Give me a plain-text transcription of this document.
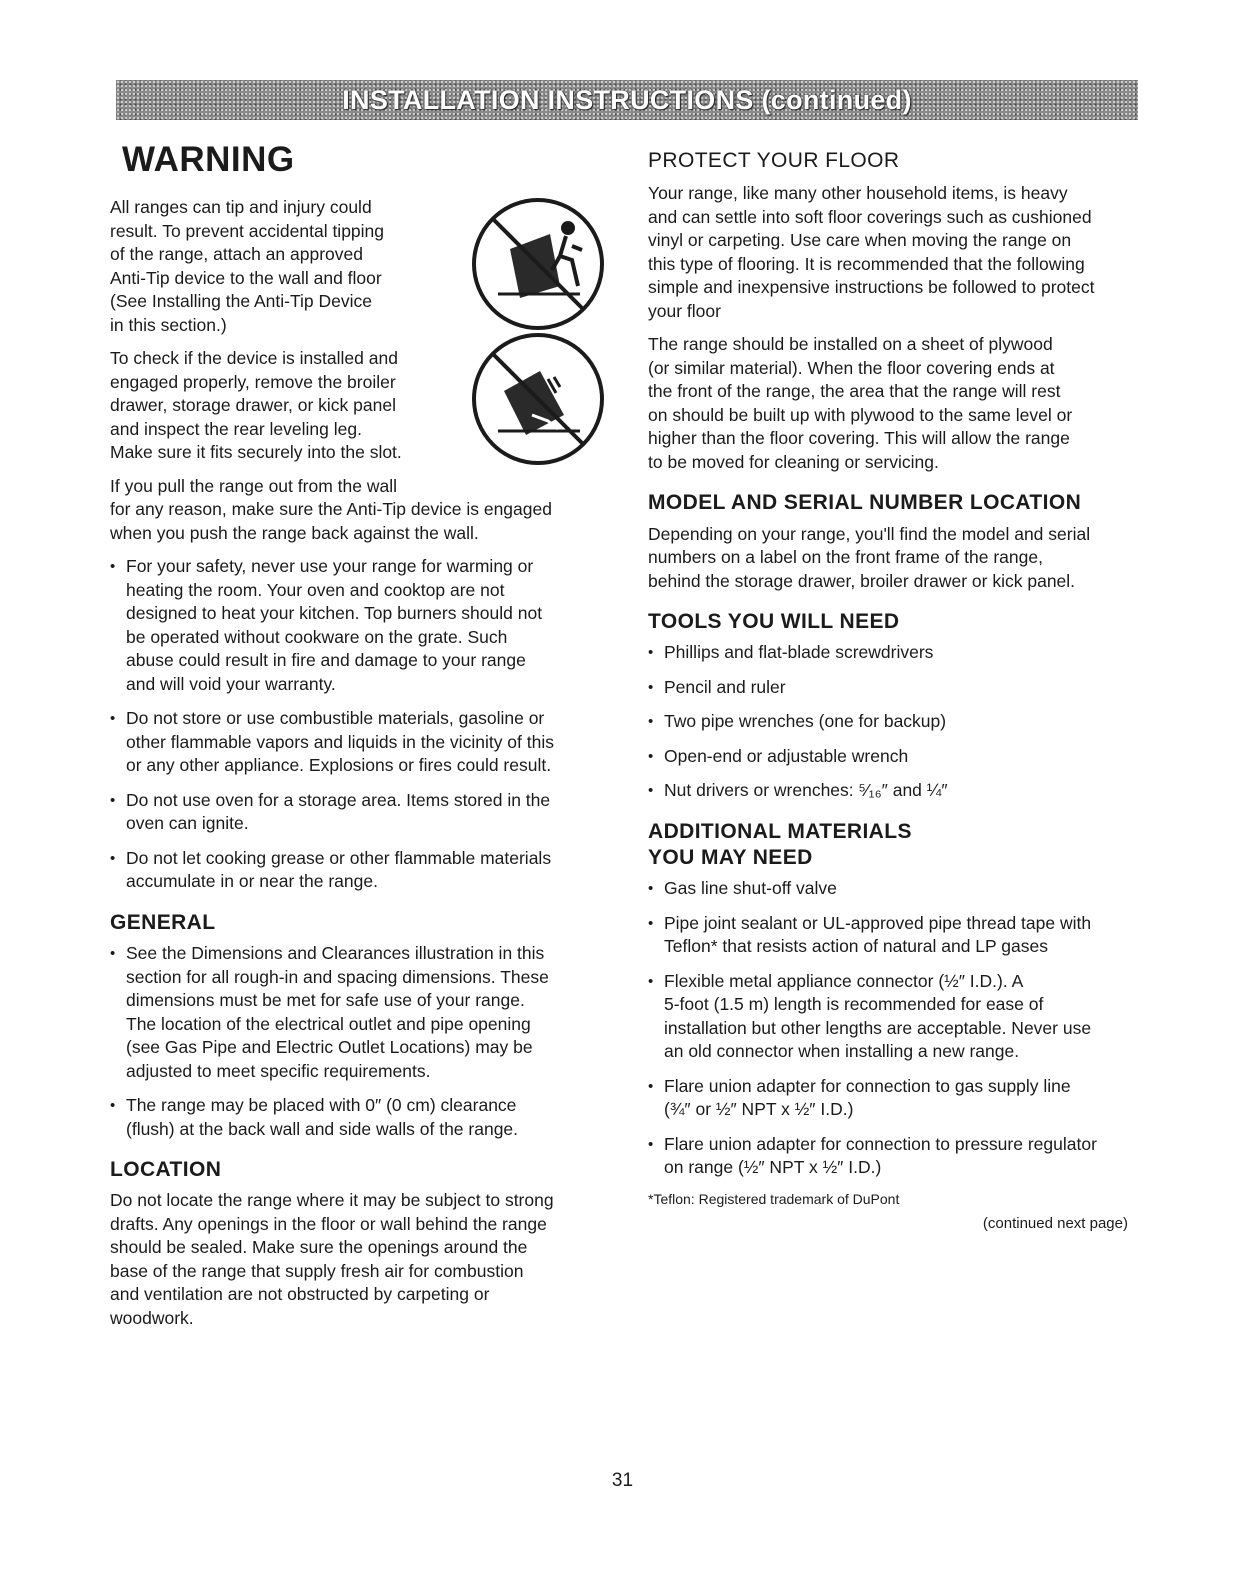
INSTALLATION INSTRUCTIONS (continued)
WARNING

All ranges can tip and injury could
result. To prevent accidental tipping
of the range, attach an approved
Anti-Tip device to the wall and floor
(See Installing the Anti-Tip Device
in this section.)

To check if the device is installed and
engaged properly, remove the broiler
drawer, storage drawer, or kick panel
and inspect the rear leveling leg.
Make sure it fits securely into the slot.

If you pull the range out from the wall
for any reason, make sure the Anti-Tip device is engaged
when you push the range back against the wall.

• For your safety, never use your range for warming or
heating the room. Your oven and cooktop are not
designed to heat your kitchen. Top burners should not
be operated without cookware on the grate. Such
abuse could result in fire and damage to your range
and will void your warranty.
• Do not store or use combustible materials, gasoline or
other flammable vapors and liquids in the vicinity of this
or any other appliance. Explosions or fires could result.
• Do not use oven for a storage area. Items stored in the
oven can ignite.
• Do not let cooking grease or other flammable materials
accumulate in or near the range.
GENERAL
• See the Dimensions and Clearances illustration in this
section for all rough-in and spacing dimensions. These
dimensions must be met for safe use of your range.
The location of the electrical outlet and pipe opening
(see Gas Pipe and Electric Outlet Locations) may be
adjusted to meet specific requirements.
• The range may be placed with 0″ (0 cm) clearance
(flush) at the back wall and side walls of the range.
LOCATION

Do not locate the range where it may be subject to strong
drafts. Any openings in the floor or wall behind the range
should be sealed. Make sure the openings around the
base of the range that supply fresh air for combustion
and ventilation are not obstructed by carpeting or
woodwork.

PROTECT YOUR FLOOR

Your range, like many other household items, is heavy
and can settle into soft floor coverings such as cushioned
vinyl or carpeting. Use care when moving the range on
this type of flooring. It is recommended that the following
simple and inexpensive instructions be followed to protect
your floor

The range should be installed on a sheet of plywood
(or similar material). When the floor covering ends at
the front of the range, the area that the range will rest
on should be built up with plywood to the same level or
higher than the floor covering. This will allow the range
to be moved for cleaning or servicing.

MODEL AND SERIAL NUMBER LOCATION

Depending on your range, you'll find the model and serial
numbers on a label on the front frame of the range,
behind the storage drawer, broiler drawer or kick panel.

TOOLS YOU WILL NEED
• Phillips and flat-blade screwdrivers
• Pencil and ruler
• Two pipe wrenches (one for backup)
• Open-end or adjustable wrench
• Nut drivers or wrenches: ⁵⁄₁₆″ and ¼″
ADDITIONAL MATERIALS
YOU MAY NEED
• Gas line shut-off valve
• Pipe joint sealant or UL-approved pipe thread tape with
Teflon* that resists action of natural and LP gases
• Flexible metal appliance connector (½″ I.D.). A
5-foot (1.5 m) length is recommended for ease of
installation but other lengths are acceptable. Never use
an old connector when installing a new range.
• Flare union adapter for connection to gas supply line
(¾″ or ½″ NPT x ½″ I.D.)
• Flare union adapter for connection to pressure regulator
on range (½″ NPT x ½″ I.D.)
*Teflon: Registered trademark of DuPont
(continued next page)
31
